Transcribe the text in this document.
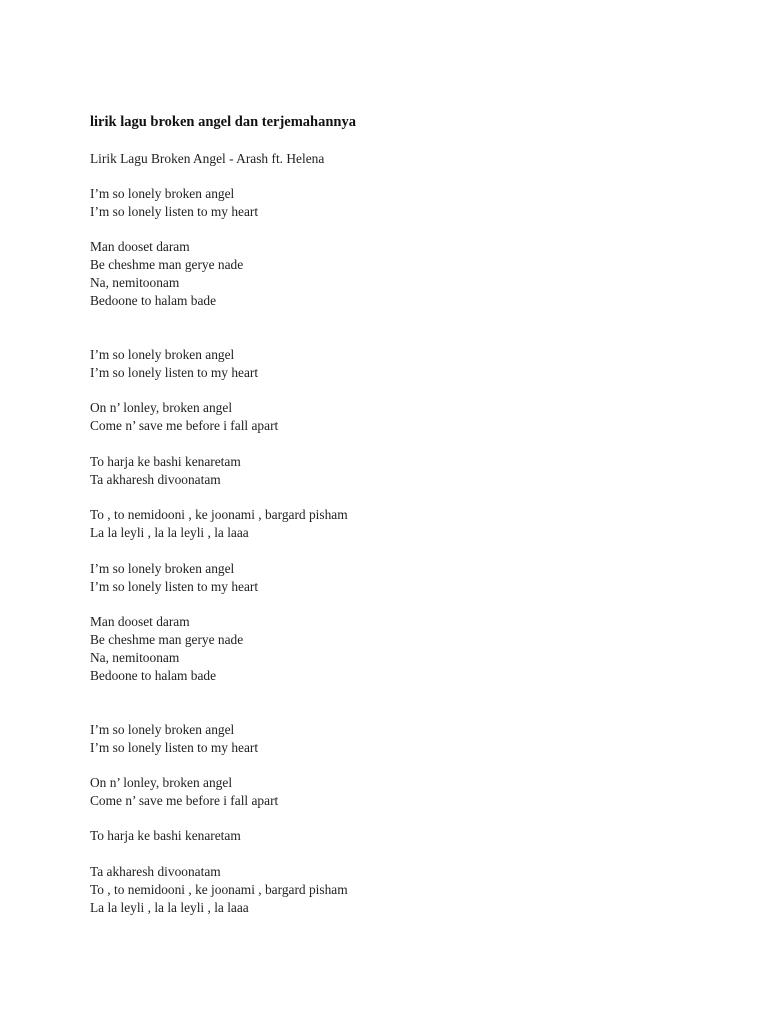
lirik lagu broken angel dan terjemahannya

Lirik Lagu Broken Angel - Arash ft. Helena

I’m so lonely broken angel

I’m so lonely listen to my heart

Man dooset daram

Be cheshme man gerye nade

Na, nemitoonam

Bedoone to halam bade

I’m so lonely broken angel

I’m so lonely listen to my heart

On n’ lonley, broken angel

Come n’ save me before i fall apart

To harja ke bashi kenaretam

Ta akharesh divoonatam

To , to nemidooni , ke joonami , bargard pisham

La la leyli , la la leyli , la laaa

I’m so lonely broken angel

I’m so lonely listen to my heart

Man dooset daram

Be cheshme man gerye nade

Na, nemitoonam

Bedoone to halam bade

I’m so lonely broken angel

I’m so lonely listen to my heart

On n’ lonley, broken angel

Come n’ save me before i fall apart

To harja ke bashi kenaretam

Ta akharesh divoonatam

To , to nemidooni , ke joonami , bargard pisham

La la leyli , la la leyli , la laaa
